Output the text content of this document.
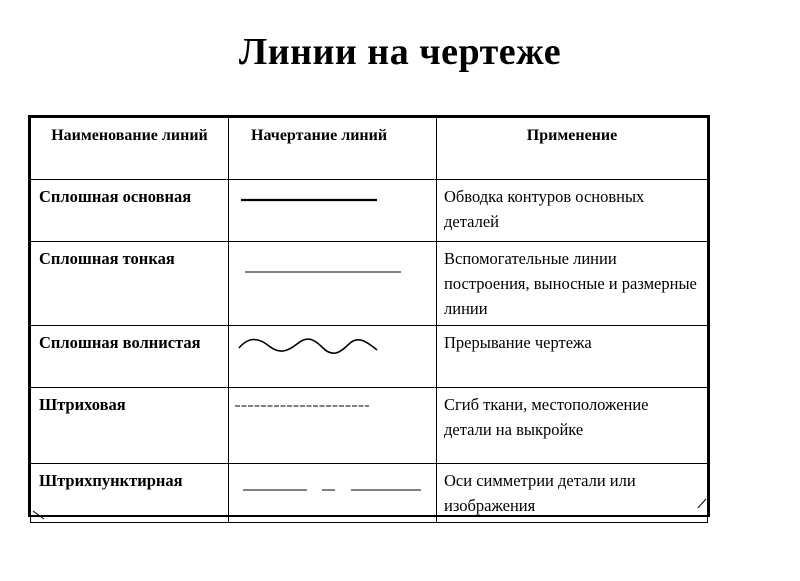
Линии на чертеже
Наименование линий	Начертание линий	Применение
Сплошная основная		Обводка контуров основных деталей
Сплошная тонкая		Вспомогательные линии построения, выносные и размерные линии
Сплошная волнистая		Прерывание чертежа
Штриховая		Сгиб ткани, местоположение детали на выкройке
Штрихпунктирная		Оси симметрии детали или изображения
